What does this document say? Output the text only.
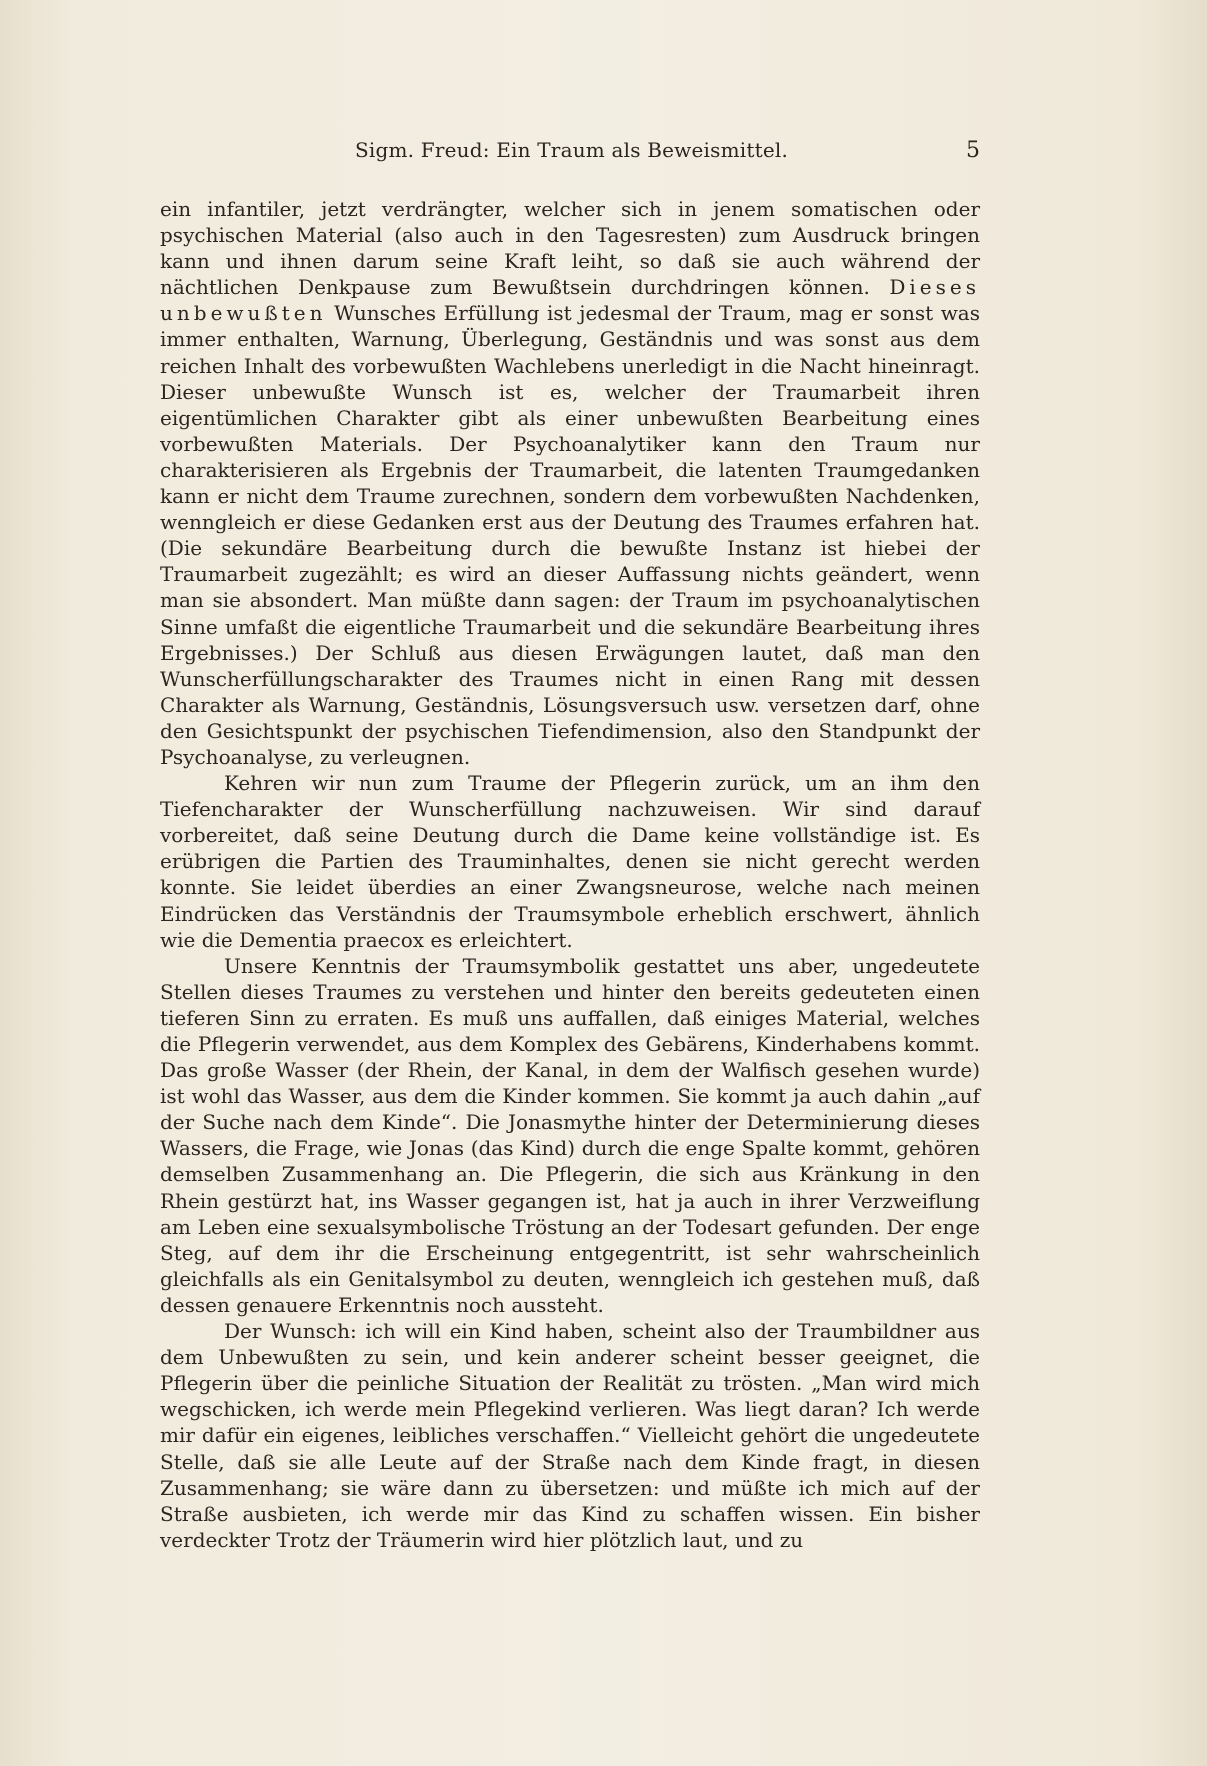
Sigm. Freud: Ein Traum als Beweismittel.	5

ein infantiler, jetzt verdrängter, welcher sich in jenem somatischen oder psychischen Material (also auch in den Tagesresten) zum Ausdruck bringen kann und ihnen darum seine Kraft leiht, so daß sie auch während der nächtlichen Denkpause zum Bewußtsein durchdringen können. Dieses unbewußten Wunsches Erfüllung ist jedesmal der Traum, mag er sonst was immer enthalten, Warnung, Überlegung, Geständnis und was sonst aus dem reichen Inhalt des vorbewußten Wachlebens unerledigt in die Nacht hineinragt. Dieser unbewußte Wunsch ist es, welcher der Traumarbeit ihren eigentümlichen Charakter gibt als einer unbewußten Bearbeitung eines vorbewußten Materials. Der Psychoanalytiker kann den Traum nur charakterisieren als Ergebnis der Traumarbeit, die latenten Traumgedanken kann er nicht dem Traume zurechnen, sondern dem vorbewußten Nachdenken, wenngleich er diese Gedanken erst aus der Deutung des Traumes erfahren hat. (Die sekundäre Bearbeitung durch die bewußte Instanz ist hiebei der Traumarbeit zugezählt; es wird an dieser Auffassung nichts geändert, wenn man sie absondert. Man müßte dann sagen: der Traum im psychoanalytischen Sinne umfaßt die eigentliche Traumarbeit und die sekundäre Bearbeitung ihres Ergebnisses.) Der Schluß aus diesen Erwägungen lautet, daß man den Wunscherfüllungscharakter des Traumes nicht in einen Rang mit dessen Charakter als Warnung, Geständnis, Lösungsversuch usw. versetzen darf, ohne den Gesichtspunkt der psychischen Tiefendimension, also den Standpunkt der Psychoanalyse, zu verleugnen.

Kehren wir nun zum Traume der Pflegerin zurück, um an ihm den Tiefencharakter der Wunscherfüllung nachzuweisen. Wir sind darauf vorbereitet, daß seine Deutung durch die Dame keine vollständige ist. Es erübrigen die Partien des Trauminhaltes, denen sie nicht gerecht werden konnte. Sie leidet überdies an einer Zwangsneurose, welche nach meinen Eindrücken das Verständnis der Traumsymbole erheblich erschwert, ähnlich wie die Dementia praecox es erleichtert.

Unsere Kenntnis der Traumsymbolik gestattet uns aber, ungedeutete Stellen dieses Traumes zu verstehen und hinter den bereits gedeuteten einen tieferen Sinn zu erraten. Es muß uns auffallen, daß einiges Material, welches die Pflegerin verwendet, aus dem Komplex des Gebärens, Kinderhabens kommt. Das große Wasser (der Rhein, der Kanal, in dem der Walfisch gesehen wurde) ist wohl das Wasser, aus dem die Kinder kommen. Sie kommt ja auch dahin „auf der Suche nach dem Kinde“. Die Jonasmythe hinter der Determinierung dieses Wassers, die Frage, wie Jonas (das Kind) durch die enge Spalte kommt, gehören demselben Zusammenhang an. Die Pflegerin, die sich aus Kränkung in den Rhein gestürzt hat, ins Wasser gegangen ist, hat ja auch in ihrer Verzweiflung am Leben eine sexualsymbolische Tröstung an der Todesart gefunden. Der enge Steg, auf dem ihr die Erscheinung entgegentritt, ist sehr wahrscheinlich gleichfalls als ein Genitalsymbol zu deuten, wenngleich ich gestehen muß, daß dessen genauere Erkenntnis noch aussteht.

Der Wunsch: ich will ein Kind haben, scheint also der Traumbildner aus dem Unbewußten zu sein, und kein anderer scheint besser geeignet, die Pflegerin über die peinliche Situation der Realität zu trösten. „Man wird mich wegschicken, ich werde mein Pflegekind verlieren. Was liegt daran? Ich werde mir dafür ein eigenes, leibliches verschaffen.“ Vielleicht gehört die ungedeutete Stelle, daß sie alle Leute auf der Straße nach dem Kinde fragt, in diesen Zusammenhang; sie wäre dann zu übersetzen: und müßte ich mich auf der Straße ausbieten, ich werde mir das Kind zu schaffen wissen. Ein bisher verdeckter Trotz der Träumerin wird hier plötzlich laut, und zu
